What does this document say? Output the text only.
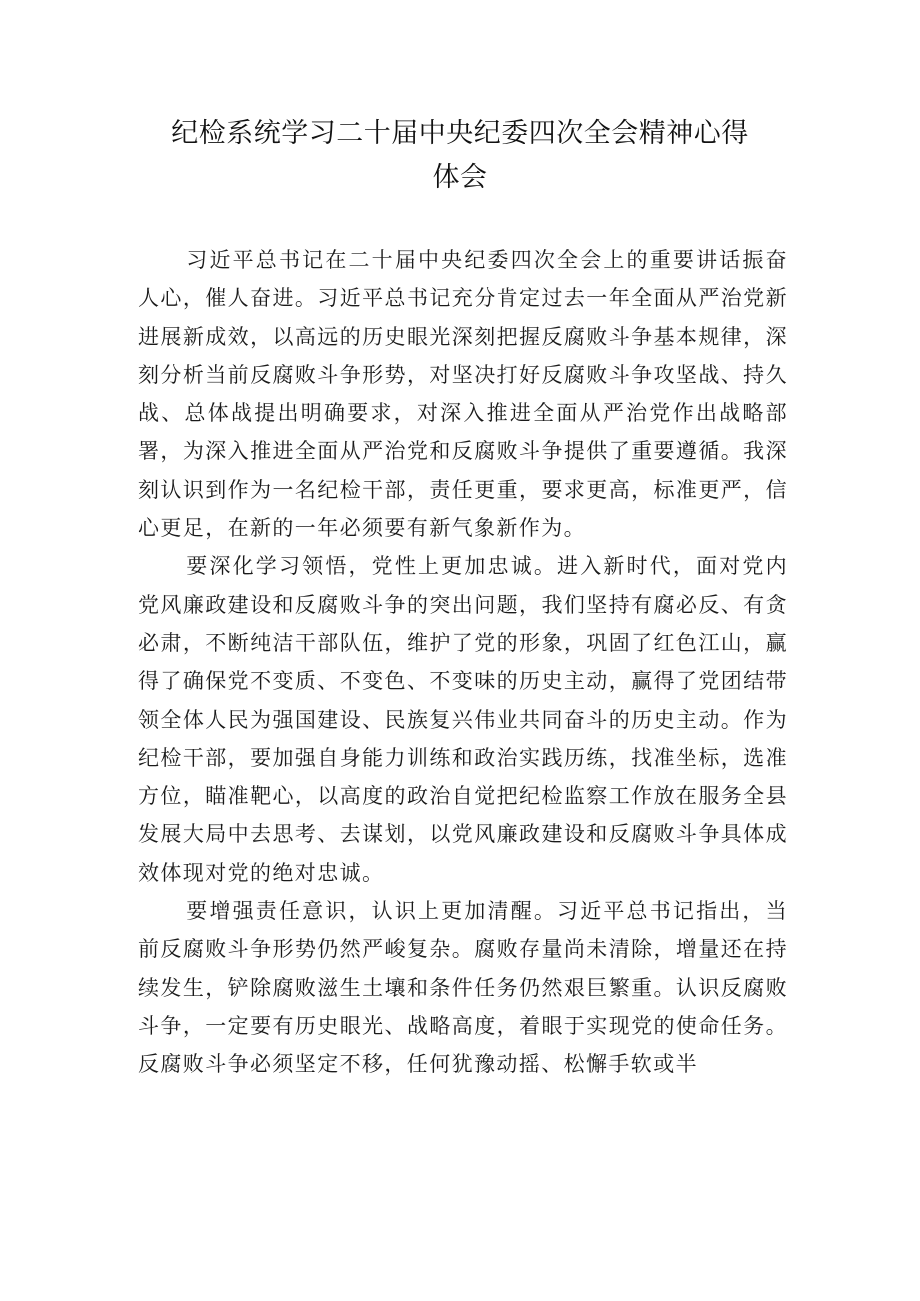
纪检系统学习二十届中央纪委四次全会精神心得体会

习近平总书记在二十届中央纪委四次全会上的重要讲话振奋人心，催人奋进。习近平总书记充分肯定过去一年全面从严治党新进展新成效，以高远的历史眼光深刻把握反腐败斗争基本规律，深刻分析当前反腐败斗争形势，对坚决打好反腐败斗争攻坚战、持久战、总体战提出明确要求，对深入推进全面从严治党作出战略部署，为深入推进全面从严治党和反腐败斗争提供了重要遵循。我深刻认识到作为一名纪检干部，责任更重，要求更高，标准更严，信心更足，在新的一年必须要有新气象新作为。

要深化学习领悟，党性上更加忠诚。进入新时代，面对党内党风廉政建设和反腐败斗争的突出问题，我们坚持有腐必反、有贪必肃，不断纯洁干部队伍，维护了党的形象，巩固了红色江山，赢得了确保党不变质、不变色、不变味的历史主动，赢得了党团结带领全体人民为强国建设、民族复兴伟业共同奋斗的历史主动。作为纪检干部，要加强自身能力训练和政治实践历练，找准坐标，选准方位，瞄准靶心，以高度的政治自觉把纪检监察工作放在服务全县发展大局中去思考、去谋划，以党风廉政建设和反腐败斗争具体成效体现对党的绝对忠诚。

要增强责任意识，认识上更加清醒。习近平总书记指出，当前反腐败斗争形势仍然严峻复杂。腐败存量尚未清除，增量还在持续发生，铲除腐败滋生土壤和条件任务仍然艰巨繁重。认识反腐败斗争，一定要有历史眼光、战略高度，着眼于实现党的使命任务。反腐败斗争必须坚定不移，任何犹豫动摇、松懈手软或半
